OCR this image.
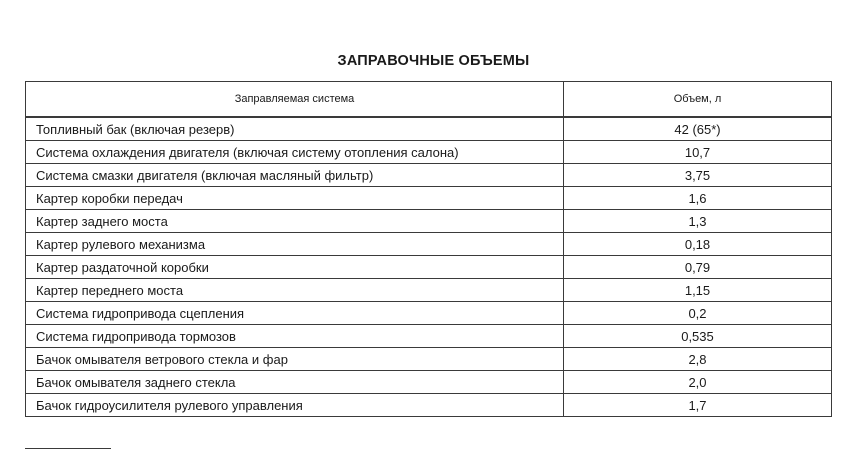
ЗАПРАВОЧНЫЕ ОБЪЕМЫ
Заправляемая система	Объем, л
Топливный бак (включая резерв)	42 (65*)
Система охлаждения двигателя (включая систему отопления салона)	10,7
Система смазки двигателя (включая масляный фильтр)	3,75
Картер коробки передач	1,6
Картер заднего моста	1,3
Картер рулевого механизма	0,18
Картер раздаточной коробки	0,79
Картер переднего моста	1,15
Система гидропривода сцепления	0,2
Система гидропривода тормозов	0,535
Бачок омывателя ветрового стекла и фар	2,8
Бачок омывателя заднего стекла	2,0
Бачок гидроусилителя рулевого управления	1,7
